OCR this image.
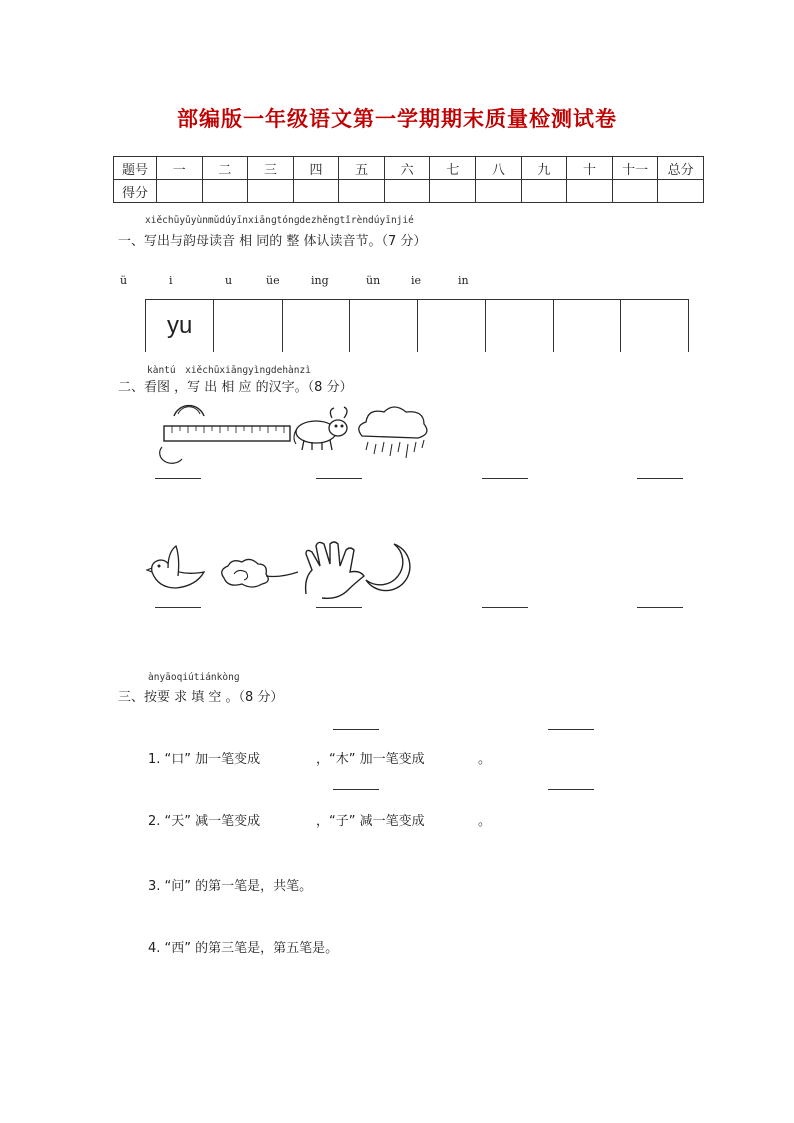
部编版一年级语文第一学期期末质量检测试卷
题号	一	二	三	四	五	六	七	八	九	十	十一	总分
得分												
xiěchūyǔyùnmǔdúyīnxiānɡtónɡdezhěnɡtǐrèndúyīnjié
一、写出与韵母读音 相 同的 整 体认读音节。（7 分）
ü	i	u	üe	ing	ün	ie	in
yu
kàntú　xiěchūxiānɡyìnɡdehànzì
二、看图 ，写 出 相 应 的汉字。（8 分）
ànyāoqiútiánkònɡ
三、按要 求 填 空 。（8 分）
1. “口” 加一笔变成	，“木” 加一笔变成	。
2. “天” 减一笔变成	，“子” 减一笔变成	。
3. “问” 的第一笔是，共笔。
4. “西” 的第三笔是，第五笔是。
